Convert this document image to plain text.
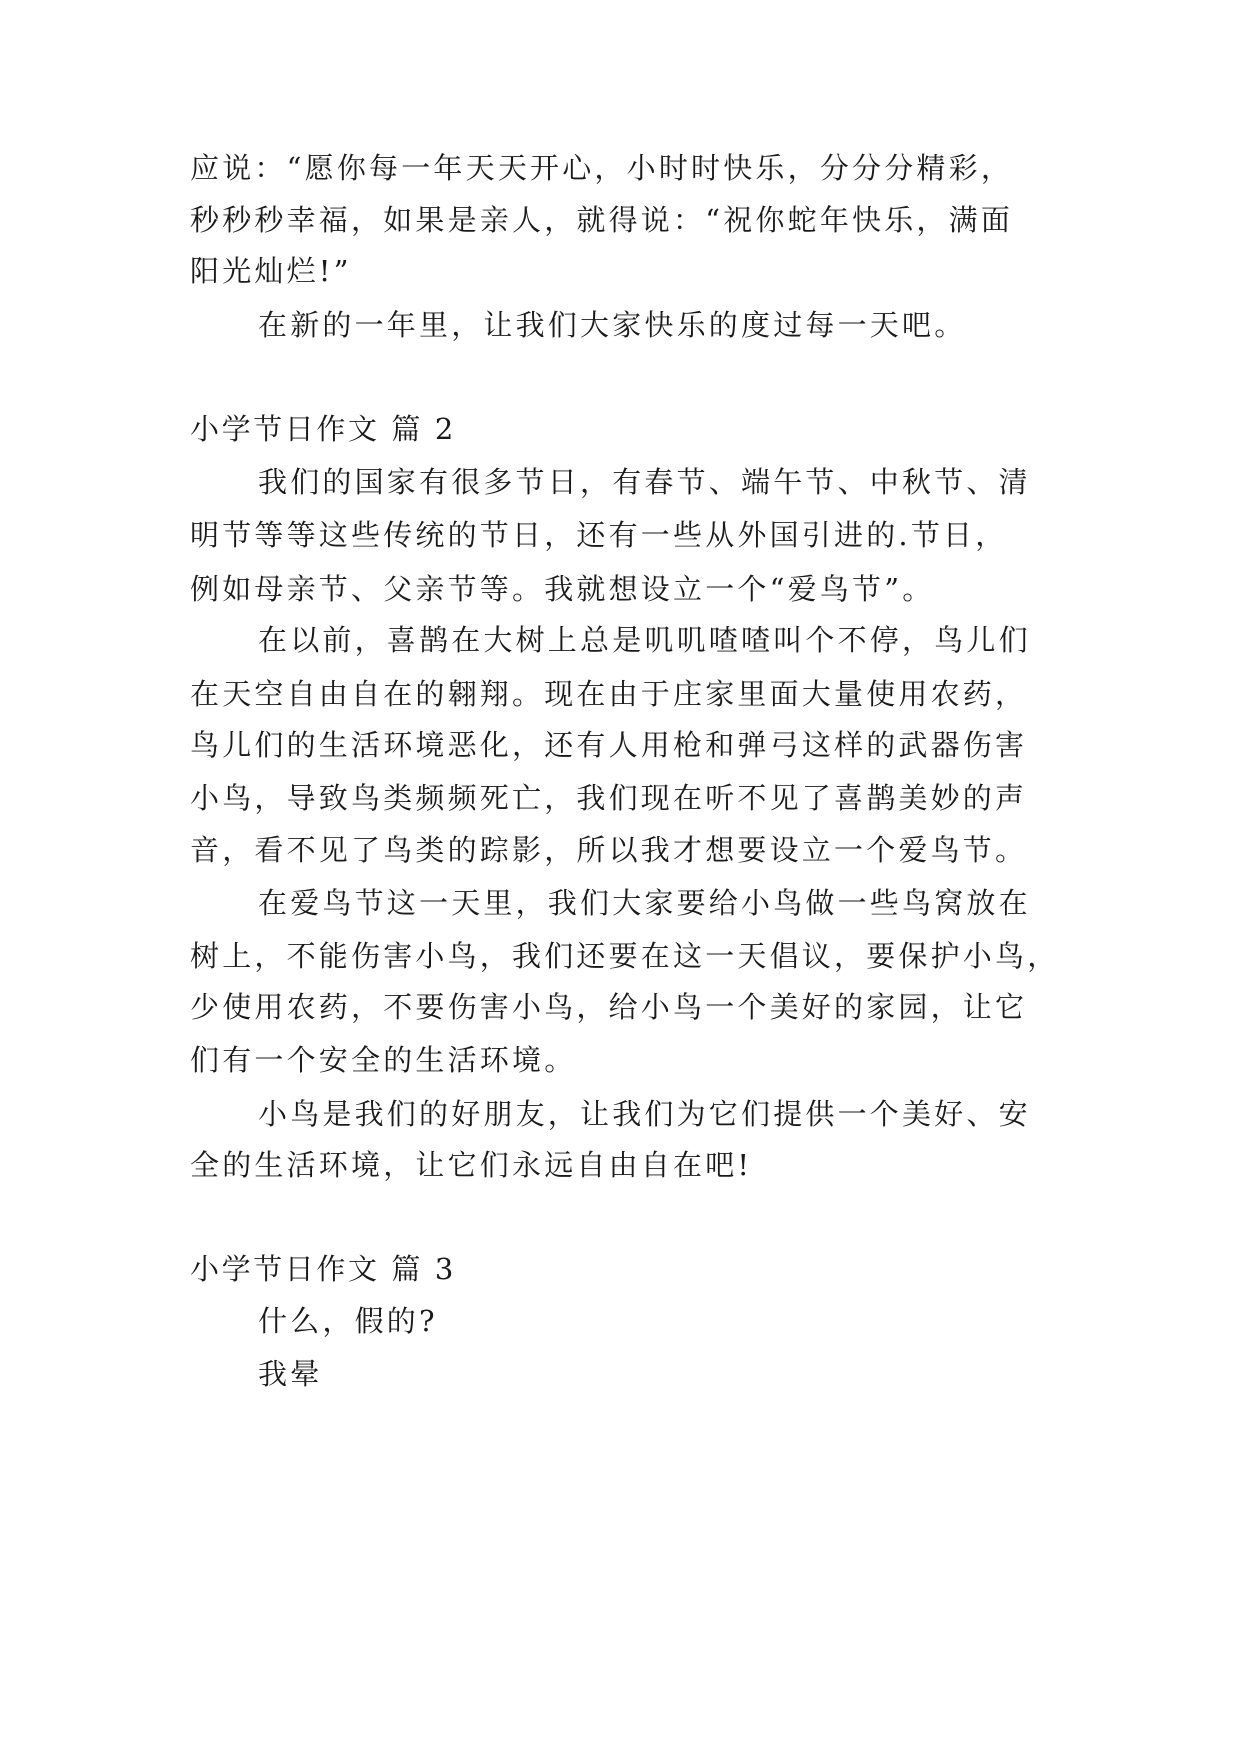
应说：“愿你每一年天天开心，小时时快乐，分分分精彩，
秒秒秒幸福，如果是亲人，就得说：“祝你蛇年快乐，满面
阳光灿烂!”
在新的一年里，让我们大家快乐的度过每一天吧。
小学节日作文 篇 2
我们的国家有很多节日，有春节、端午节、中秋节、清
明节等等这些传统的节日，还有一些从外国引进的.节日，
例如母亲节、父亲节等。我就想设立一个“爱鸟节”。
在以前，喜鹊在大树上总是叽叽喳喳叫个不停，鸟儿们
在天空自由自在的翱翔。现在由于庄家里面大量使用农药，
鸟儿们的生活环境恶化，还有人用枪和弹弓这样的武器伤害
小鸟，导致鸟类频频死亡，我们现在听不见了喜鹊美妙的声
音，看不见了鸟类的踪影，所以我才想要设立一个爱鸟节。
在爱鸟节这一天里，我们大家要给小鸟做一些鸟窝放在
树上，不能伤害小鸟，我们还要在这一天倡议，要保护小鸟，
少使用农药，不要伤害小鸟，给小鸟一个美好的家园，让它
们有一个安全的生活环境。
小鸟是我们的好朋友，让我们为它们提供一个美好、安
全的生活环境，让它们永远自由自在吧!
小学节日作文 篇 3
什么，假的?
我晕
